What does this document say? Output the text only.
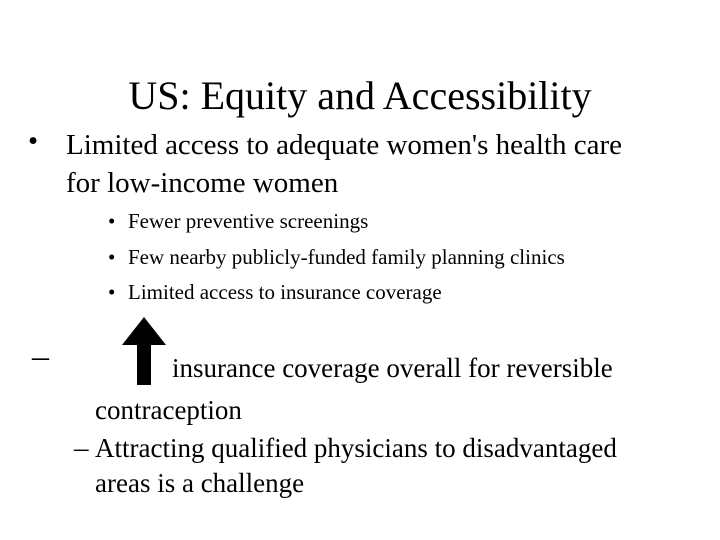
US: Equity and Accessibility
• Limited access to adequate women's health care
for low-income women
• Fewer preventive screenings
• Few nearby publicly-funded family planning clinics
• Limited access to insurance coverage
–	insurance coverage overall for reversible
contraception
– Attracting qualified physicians to disadvantaged
areas is a challenge
